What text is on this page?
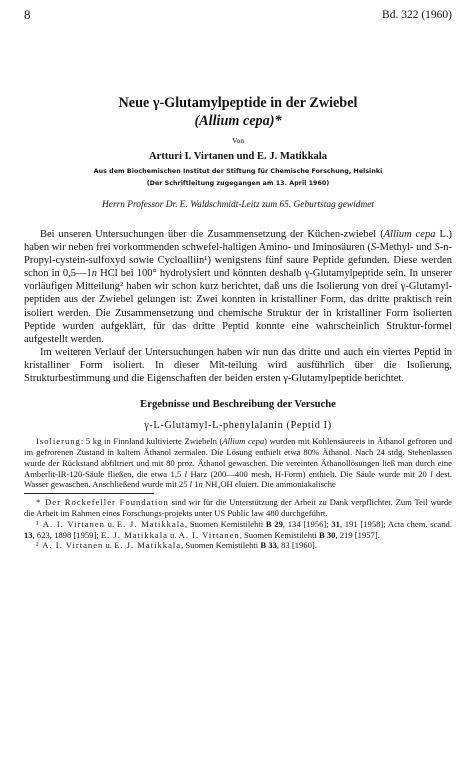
8	Bd. 322 (1960)
Neue γ-Glutamylpeptide in der Zwiebel
(Allium cepa)*
Von
Artturi I. Virtanen und E. J. Matikkala
Aus dem Biochemischen Institut der Stiftung für Chemische Forschung, Helsinki
(Der Schriftleitung zugegangen am 13. April 1960)
Herrn Professor Dr. E. Waldschmidt-Leitz zum 65. Geburtstag gewidmet

Bei unseren Untersuchungen über die Zusammensetzung der Küchen-zwiebel (Allium cepa L.) haben wir neben frei vorkommenden schwefel-haltigen Amino- und Iminosäuren (S-Methyl- und S-n-Propyl-cystein-sulfoxyd sowie Cycloalliin¹) wenigstens fünf saure Peptide gefunden. Diese werden schon in 0,5—1n HCl bei 100° hydrolysiert und könnten deshalb γ-Glutamylpeptide sein. In unserer vorläufigen Mitteilung² haben wir schon kurz berichtet, daß uns die Isolierung von drei γ-Glutamyl-peptiden aus der Zwiebel gelungen ist: Zwei konnten in kristalliner Form, das dritte praktisch rein isoliert werden. Die Zusammensetzung und chemische Struktur der in kristalliner Form isolierten Peptide wurden aufgeklärt, für das dritte Peptid konnte eine wahrscheinlich Struktur-formel aufgestellt werden.

Im weiteren Verlauf der Untersuchungen haben wir nun das dritte und auch ein viertes Peptid in kristalliner Form isoliert. In dieser Mit-teilung wird ausführlich über die Isolierung, Strukturbestimmung und die Eigenschaften der beiden ersten γ-Glutamylpeptide berichtet.

Ergebnisse und Beschreibung der Versuche
γ-L-Glutamyl-L-phenylalanin (Peptid I)

Isolierung: 5 kg in Finnland kultivierte Zwiebeln (Allium cepa) wurden mit Kohlensäureeis in Äthanol gefroren und im gefrorenen Zustand in kaltem Äthanol zermalen. Die Lösung enthielt etwa 80% Äthanol. Nach 24 stdg. Stehenlassen wurde der Rückstand abfiltriert und mit 80 proz. Äthanol gewaschen. Die vereinten Äthanollösungen ließ man durch eine Amberlit-IR-120-Säule fließen, die etwa 1,5 l Harz (200—400 mesh, H-Form) enthielt. Die Säule wurde mit 20 l dest. Wasser gewaschen. Anschließend wurde mit 25 l 1n NH₄OH eluiert. Die ammoniakalische

* Der Rockefeller Foundation sind wir für die Unterstützung der Arbeit zu Dank verpflichtet. Zum Teil wurde die Arbeit im Rahmen eines Forschungs-projekts unter US Public law 480 durchgeführt.

¹ A. I. Virtanen u. E. J. Matikkala, Suomen Kemistilehti B 29, 134 [1956]; 31, 191 [1958]; Acta chem. scand. 13, 623, 1898 [1959]; E. J. Matikkala u. A. I. Virtanen, Suomen Kemistilehti B 30, 219 [1957].

² A. I. Virtanen u. E. J. Matikkala, Suomen Kemistilehti B 33, 83 [1960].
